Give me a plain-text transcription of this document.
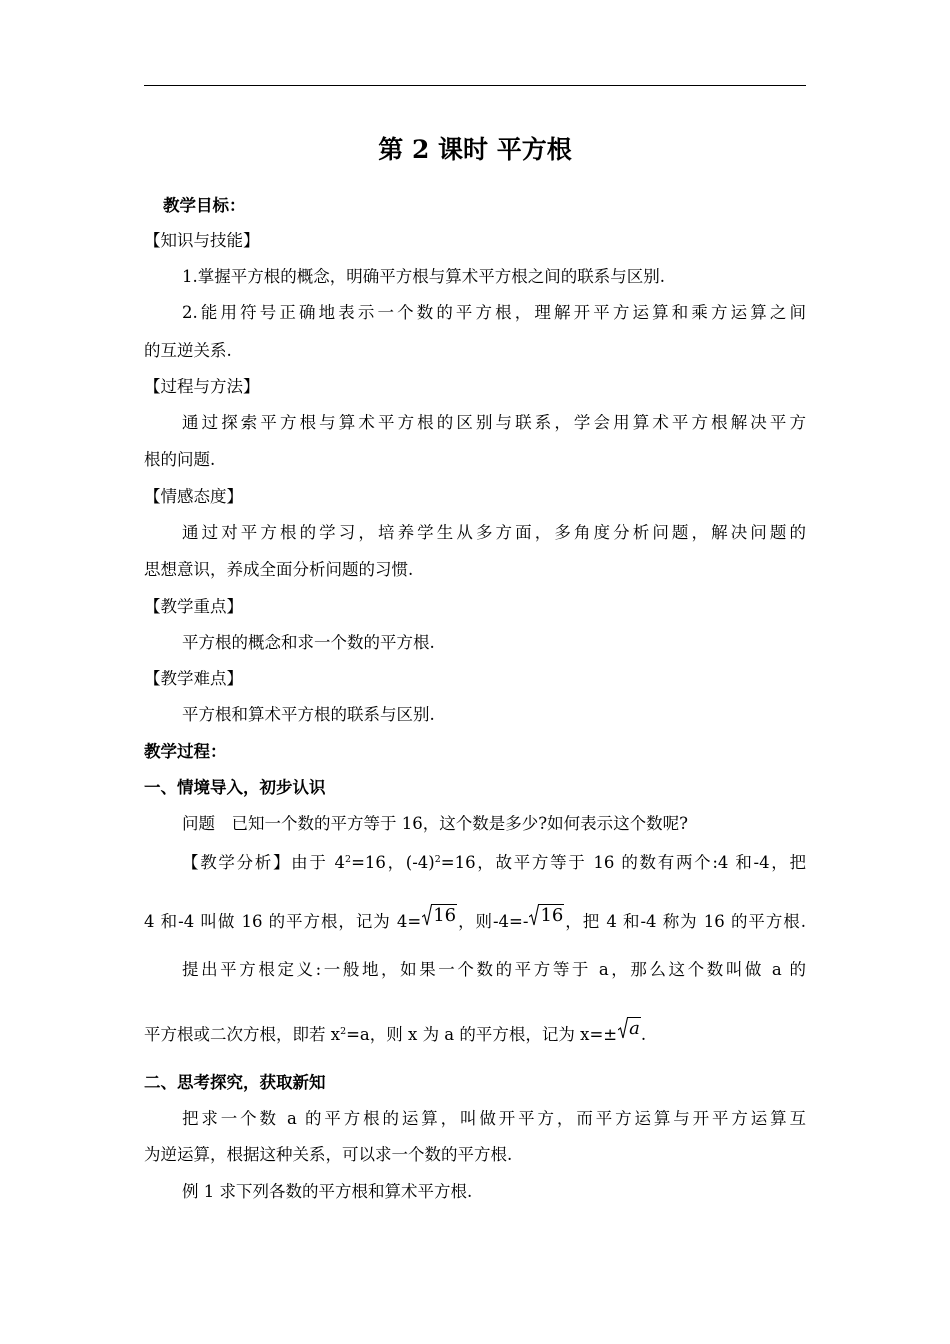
第 2 课时 平方根
教学目标：
【知识与技能】
1.掌握平方根的概念，明确平方根与算术平方根之间的联系与区别.
2.能用符号正确地表示一个数的平方根，理解开平方运算和乘方运算之间
的互逆关系.
【过程与方法】
通过探索平方根与算术平方根的区别与联系，学会用算术平方根解决平方
根的问题.
【情感态度】
通过对平方根的学习，培养学生从多方面，多角度分析问题，解决问题的
思想意识，养成全面分析问题的习惯.
【教学重点】
平方根的概念和求一个数的平方根.
【教学难点】
平方根和算术平方根的联系与区别.
教学过程：
一、情境导入，初步认识
问题　已知一个数的平方等于 16，这个数是多少?如何表示这个数呢?
【教学分析】由于 $4^2=16$，$(-4)^2=16$，故平方等于 16 的数有两个:4 和-4，把
4 和-4 叫做 16 的平方根，记为 4= 16，则-4=- 16，把 4 和-4 称为 16 的平方根.
提出平方根定义:一般地，如果一个数的平方等于 a，那么这个数叫做 a 的
平方根或二次方根，即若 $x^2=a$，则 x 为 a 的平方根，记为 x=± a.
二、思考探究，获取新知
把求一个数 a 的平方根的运算，叫做开平方，而平方运算与开平方运算互
为逆运算，根据这种关系，可以求一个数的平方根.
例 1 求下列各数的平方根和算术平方根.
